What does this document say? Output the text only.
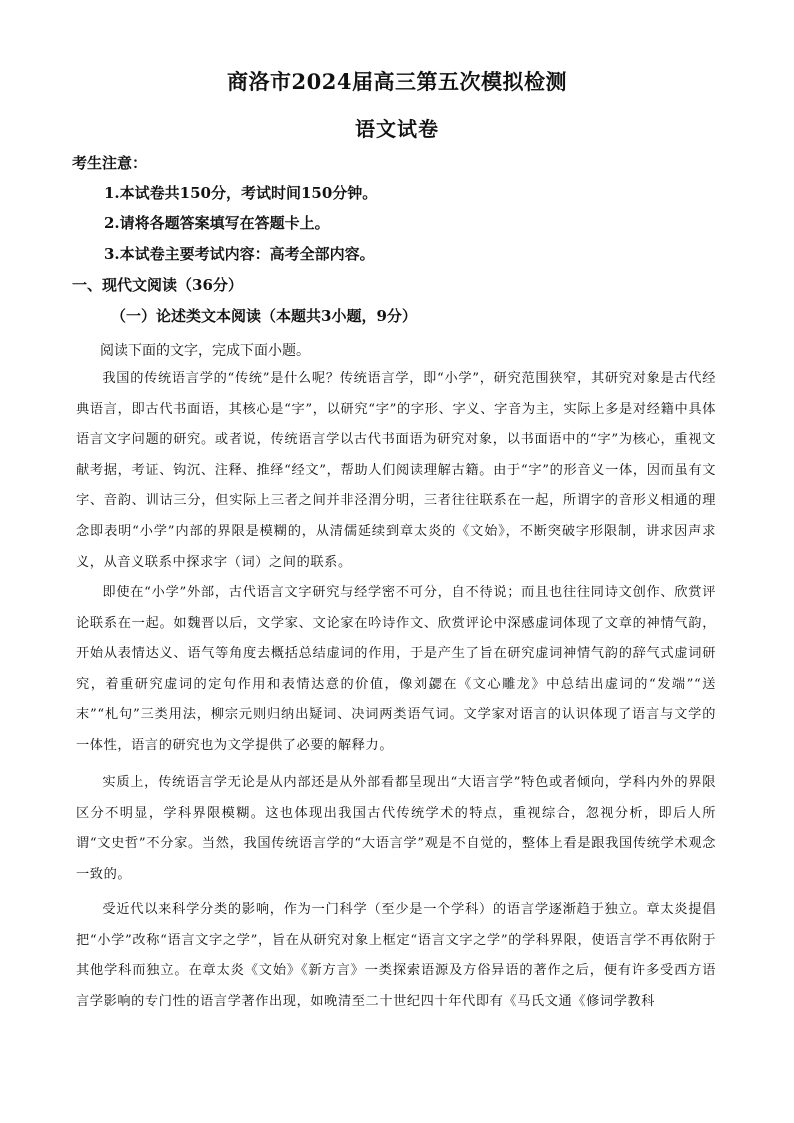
商洛市2024届高三第五次模拟检测
语文试卷
考生注意：
1.本试卷共150分，考试时间150分钟。
2.请将各题答案填写在答题卡上。
3.本试卷主要考试内容：高考全部内容。
一、现代文阅读（36分）
（一）论述类文本阅读（本题共3小题，9分）
阅读下面的文字，完成下面小题。

我国的传统语言学的“传统”是什么呢？传统语言学，即“小学”，研究范围狭窄，其研究对象是古代经典语言，即古代书面语，其核心是“字”，以研究“字”的字形、字义、字音为主，实际上多是对经籍中具体语言文字问题的研究。或者说，传统语言学以古代书面语为研究对象，以书面语中的“字”为核心，重视文献考据，考证、钩沉、注释、推绎“经文”，帮助人们阅读理解古籍。由于“字”的形音义一体，因而虽有文字、音韵、训诂三分，但实际上三者之间并非泾渭分明，三者往往联系在一起，所谓字的音形义相通的理念即表明“小学”内部的界限是模糊的，从清儒延续到章太炎的《文始》，不断突破字形限制，讲求因声求义，从音义联系中探求字（词）之间的联系。

即使在“小学”外部，古代语言文字研究与经学密不可分，自不待说；而且也往往同诗文创作、欣赏评论联系在一起。如魏晋以后，文学家、文论家在吟诗作文、欣赏评论中深感虚词体现了文章的神情气韵，开始从表情达义、语气等角度去概括总结虚词的作用，于是产生了旨在研究虚词神情气韵的辞气式虚词研究，着重研究虚词的定句作用和表情达意的价值，像刘勰在《文心雕龙》中总结出虚词的“发端”“送末”“札句”三类用法，柳宗元则归纳出疑词、决词两类语气词。文学家对语言的认识体现了语言与文学的一体性，语言的研究也为文学提供了必要的解释力。

实质上，传统语言学无论是从内部还是从外部看都呈现出“大语言学”特色或者倾向，学科内外的界限区分不明显，学科界限模糊。这也体现出我国古代传统学术的特点，重视综合，忽视分析，即后人所谓“文史哲”不分家。当然，我国传统语言学的“大语言学”观是不自觉的，整体上看是跟我国传统学术观念一致的。

受近代以来科学分类的影响，作为一门科学（至少是一个学科）的语言学逐渐趋于独立。章太炎提倡把“小学”改称“语言文字之学”，旨在从研究对象上框定“语言文字之学”的学科界限，使语言学不再依附于其他学科而独立。在章太炎《文始》《新方言》一类探索语源及方俗异语的著作之后，便有许多受西方语言学影响的专门性的语言学著作出现，如晚清至二十世纪四十年代即有《马氏文通《修词学教科
